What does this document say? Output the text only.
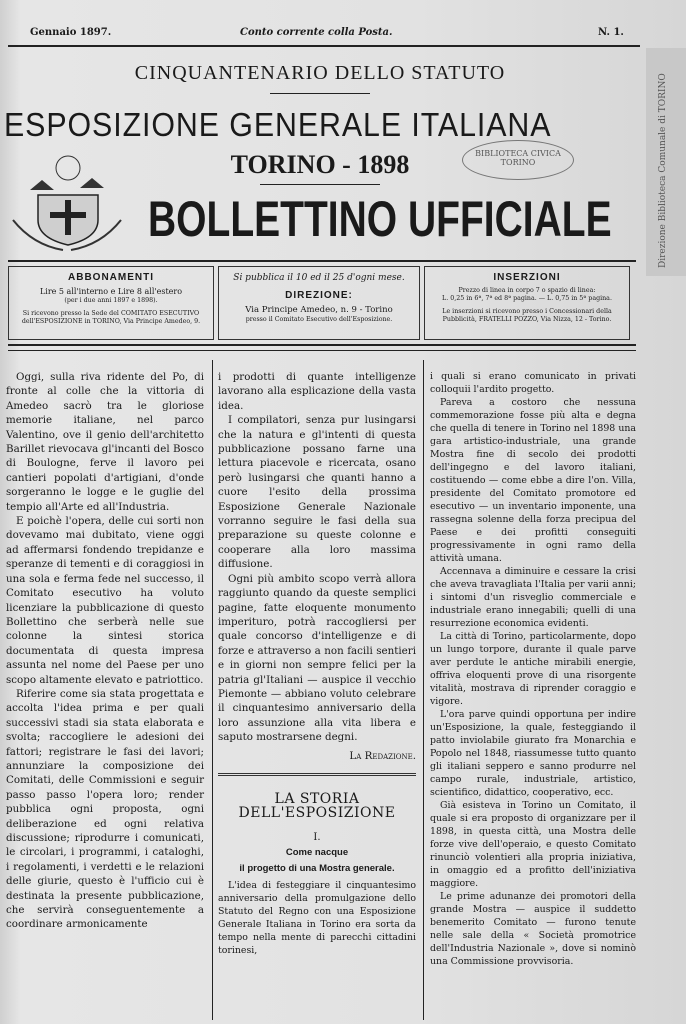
Direzione Biblioteca Comunale di TORINO
Gennaio 1897.	Conto corrente colla Posta.	N. 1.
CINQUANTENARIO DELLO STATUTO
ESPOSIZIONE GENERALE ITALIANA
TORINO - 1898	BIBLIOTECA CIVICA
TORINO
BOLLETTINO UFFICIALE
ABBONAMENTI
Lire 5 all'interno e Lire 8 all'estero
(per i due anni 1897 e 1898).
Si ricevono presso la Sede del COMITATO ESECUTIVO
dell'ESPOSIZIONE in TORINO, Via Principe Amedeo, 9.
Si pubblica il 10 ed il 25 d'ogni mese.
DIREZIONE:
Via Principe Amedeo, n. 9 - Torino
presso il Comitato Esecutivo dell'Esposizione.
INSERZIONI
Prezzo di linea in corpo 7 o spazio di linea:
L. 0,25 in 6ª, 7ª ed 8ª pagina. — L. 0,75 in 5ª pagina.
Le inserzioni si ricevono presso i Concessionari della
Pubblicità, FRATELLI POZZO, Via Nizza, 12 - Torino.

Oggi, sulla riva ridente del Po, di fronte al colle che la vittoria di Amedeo sacrò tra le gloriose memorie italiane, nel parco Valentino, ove il genio dell'architetto Barillet rievocava gl'incanti del Bosco di Boulogne, ferve il lavoro pei cantieri popolati d'artigiani, d'onde sorgeranno le logge e le guglie del tempio all'Arte ed all'Industria.

E poichè l'opera, delle cui sorti non dovevamo mai dubitato, viene oggi ad affermarsi fondendo trepidanze e speranze di tementi e di coraggiosi in una sola e ferma fede nel successo, il Comitato esecutivo ha voluto licenziare la pubblicazione di questo Bollettino che serberà nelle sue colonne la sintesi storica documentata di questa impresa assunta nel nome del Paese per uno scopo altamente elevato e patriottico.

Riferire come sia stata progettata e accolta l'idea prima e per quali successivi stadi sia stata elaborata e svolta; raccogliere le adesioni dei fattori; registrare le fasi dei lavori; annunziare la composizione dei Comitati, delle Commissioni e seguir passo passo l'opera loro; render pubblica ogni proposta, ogni deliberazione ed ogni relativa discussione; riprodurre i comunicati, le circolari, i programmi, i cataloghi, i regolamenti, i verdetti e le relazioni delle giurie, questo è l'ufficio cui è destinata la presente pubblicazione, che servirà conseguentemente a coordinare armonicamente

i prodotti di quante intelligenze lavorano alla esplicazione della vasta idea.

I compilatori, senza pur lusingarsi che la natura e gl'intenti di questa pubblicazione possano farne una lettura piacevole e ricercata, osano però lusingarsi che quanti hanno a cuore l'esito della prossima Esposizione Generale Nazionale vorranno seguire le fasi della sua preparazione su queste colonne e cooperare alla loro massima diffusione.

Ogni più ambito scopo verrà allora raggiunto quando da queste semplici pagine, fatte eloquente monumento imperituro, potrà raccogliersi per quale concorso d'intelligenze e di forze e attraverso a non facili sentieri e in giorni non sempre felici per la patria gl'Italiani — auspice il vecchio Piemonte — abbiano voluto celebrare il cinquantesimo anniversario della loro assunzione alla vita libera e saputo mostrarsene degni.

La Redazione.
LA STORIA DELL'ESPOSIZIONE
I.
Come nacque
il progetto di una Mostra generale.

L'idea di festeggiare il cinquantesimo anniversario della promulgazione dello Statuto del Regno con una Esposizione Generale Italiana in Torino era sorta da tempo nella mente di parecchi cittadini torinesi,

i quali si erano comunicato in privati colloquii l'ardito progetto.

Pareva a costoro che nessuna commemorazione fosse più alta e degna che quella di tenere in Torino nel 1898 una gara artistico-industriale, una grande Mostra fine di secolo dei prodotti dell'ingegno e del lavoro italiani, costituendo — come ebbe a dire l'on. Villa, presidente del Comitato promotore ed esecutivo — un inventario imponente, una rassegna solenne della forza precipua del Paese e dei profitti conseguiti progressivamente in ogni ramo della attività umana.

Accennava a diminuire e cessare la crisi che aveva travagliata l'Italia per varii anni; i sintomi d'un risveglio commerciale e industriale erano innegabili; quelli di una resurrezione economica evidenti.

La città di Torino, particolarmente, dopo un lungo torpore, durante il quale parve aver perdute le antiche mirabili energie, offriva eloquenti prove di una risorgente vitalità, mostrava di riprender coraggio e vigore.

L'ora parve quindi opportuna per indire un'Esposizione, la quale, festeggiando il patto inviolabile giurato fra Monarchia e Popolo nel 1848, riassumesse tutto quanto gli italiani seppero e sanno produrre nel campo rurale, industriale, artistico, scientifico, didattico, cooperativo, ecc.

Già esisteva in Torino un Comitato, il quale si era proposto di organizzare per il 1898, in questa città, una Mostra delle forze vive dell'operaio, e questo Comitato rinunciò volentieri alla propria iniziativa, in omaggio ed a profitto dell'iniziativa maggiore.

Le prime adunanze dei promotori della grande Mostra — auspice il suddetto benemerito Comitato — furono tenute nelle sale della « Società promotrice dell'Industria Nazionale », dove si nominò una Commissione provvisoria.
